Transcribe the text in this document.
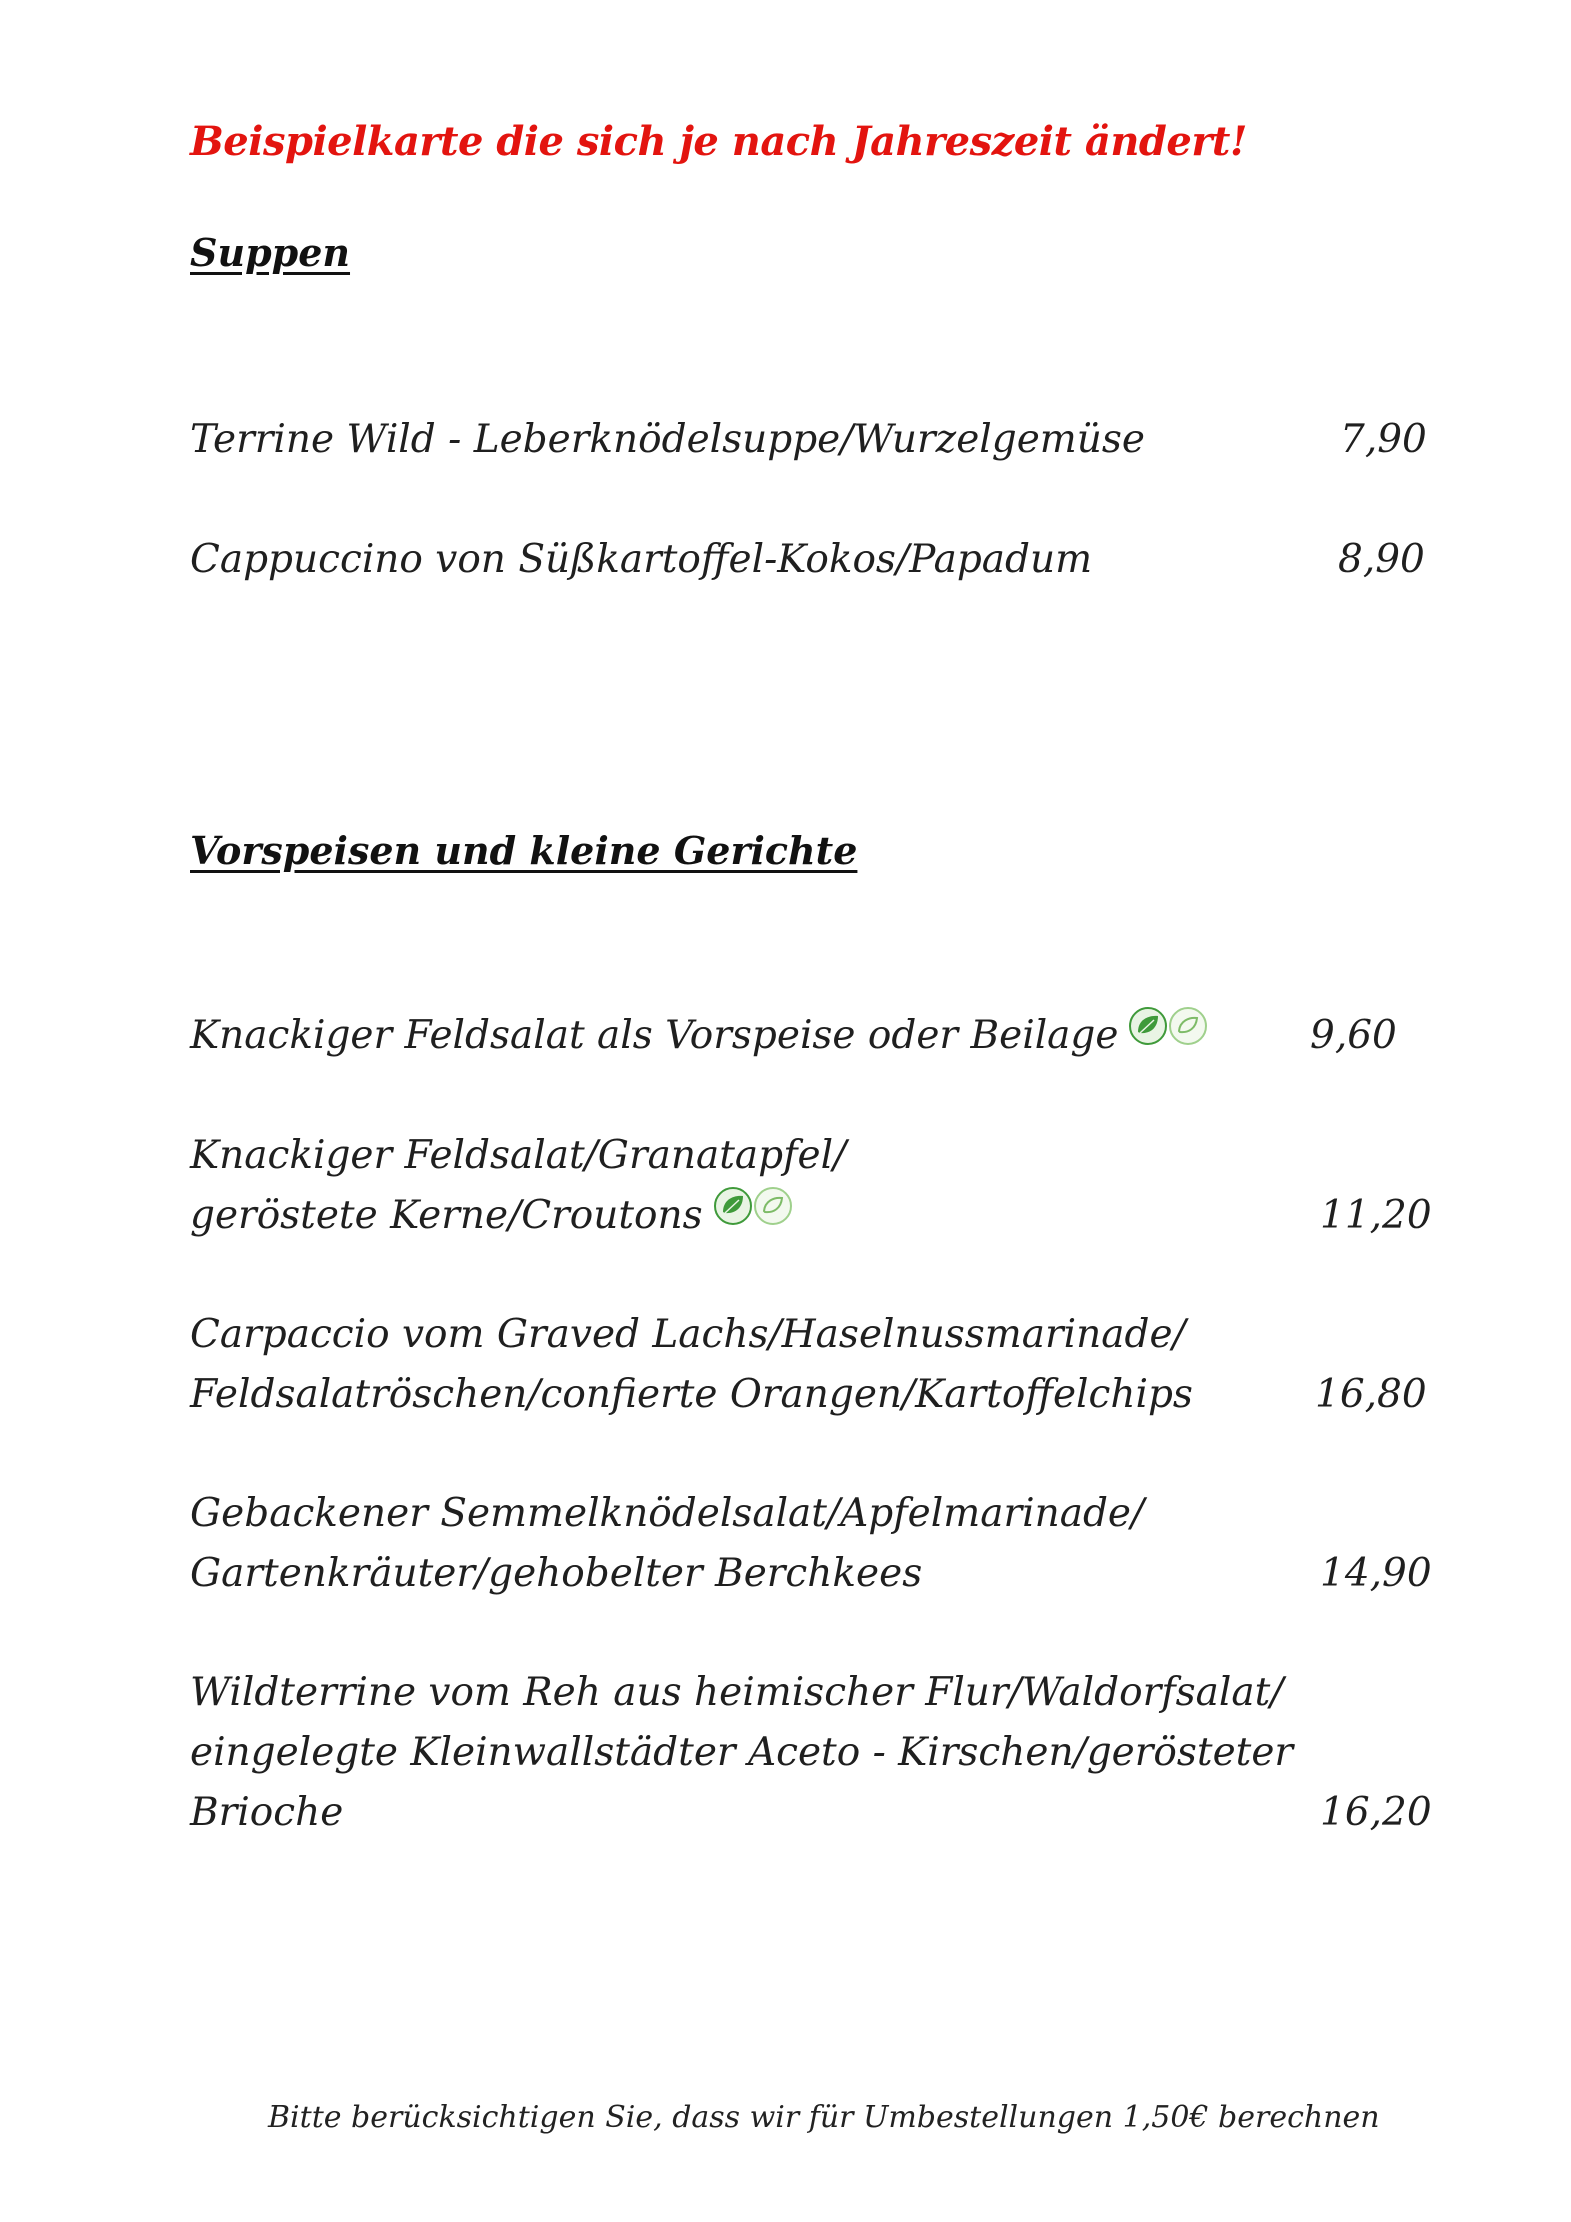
Beispielkarte die sich je nach Jahreszeit ändert!
Suppen
Terrine Wild - Leberknödelsuppe/Wurzelgemüse	7,90
Cappuccino von Süßkartoffel-Kokos/Papadum	8,90
Vorspeisen und kleine Gerichte
Knackiger Feldsalat als Vorspeise oder Beilage	9,60
Knackiger Feldsalat/Granatapfel/
geröstete Kerne/Croutons	11,20
Carpaccio vom Graved Lachs/Haselnussmarinade/
Feldsalatröschen/confierte Orangen/Kartoffelchips	16,80
Gebackener Semmelknödelsalat/Apfelmarinade/
Gartenkräuter/gehobelter Berchkees	14,90
Wildterrine vom Reh aus heimischer Flur/Waldorfsalat/
eingelegte Kleinwallstädter Aceto - Kirschen/gerösteter
Brioche	16,20
Bitte berücksichtigen Sie, dass wir für Umbestellungen 1,50€ berechnen
